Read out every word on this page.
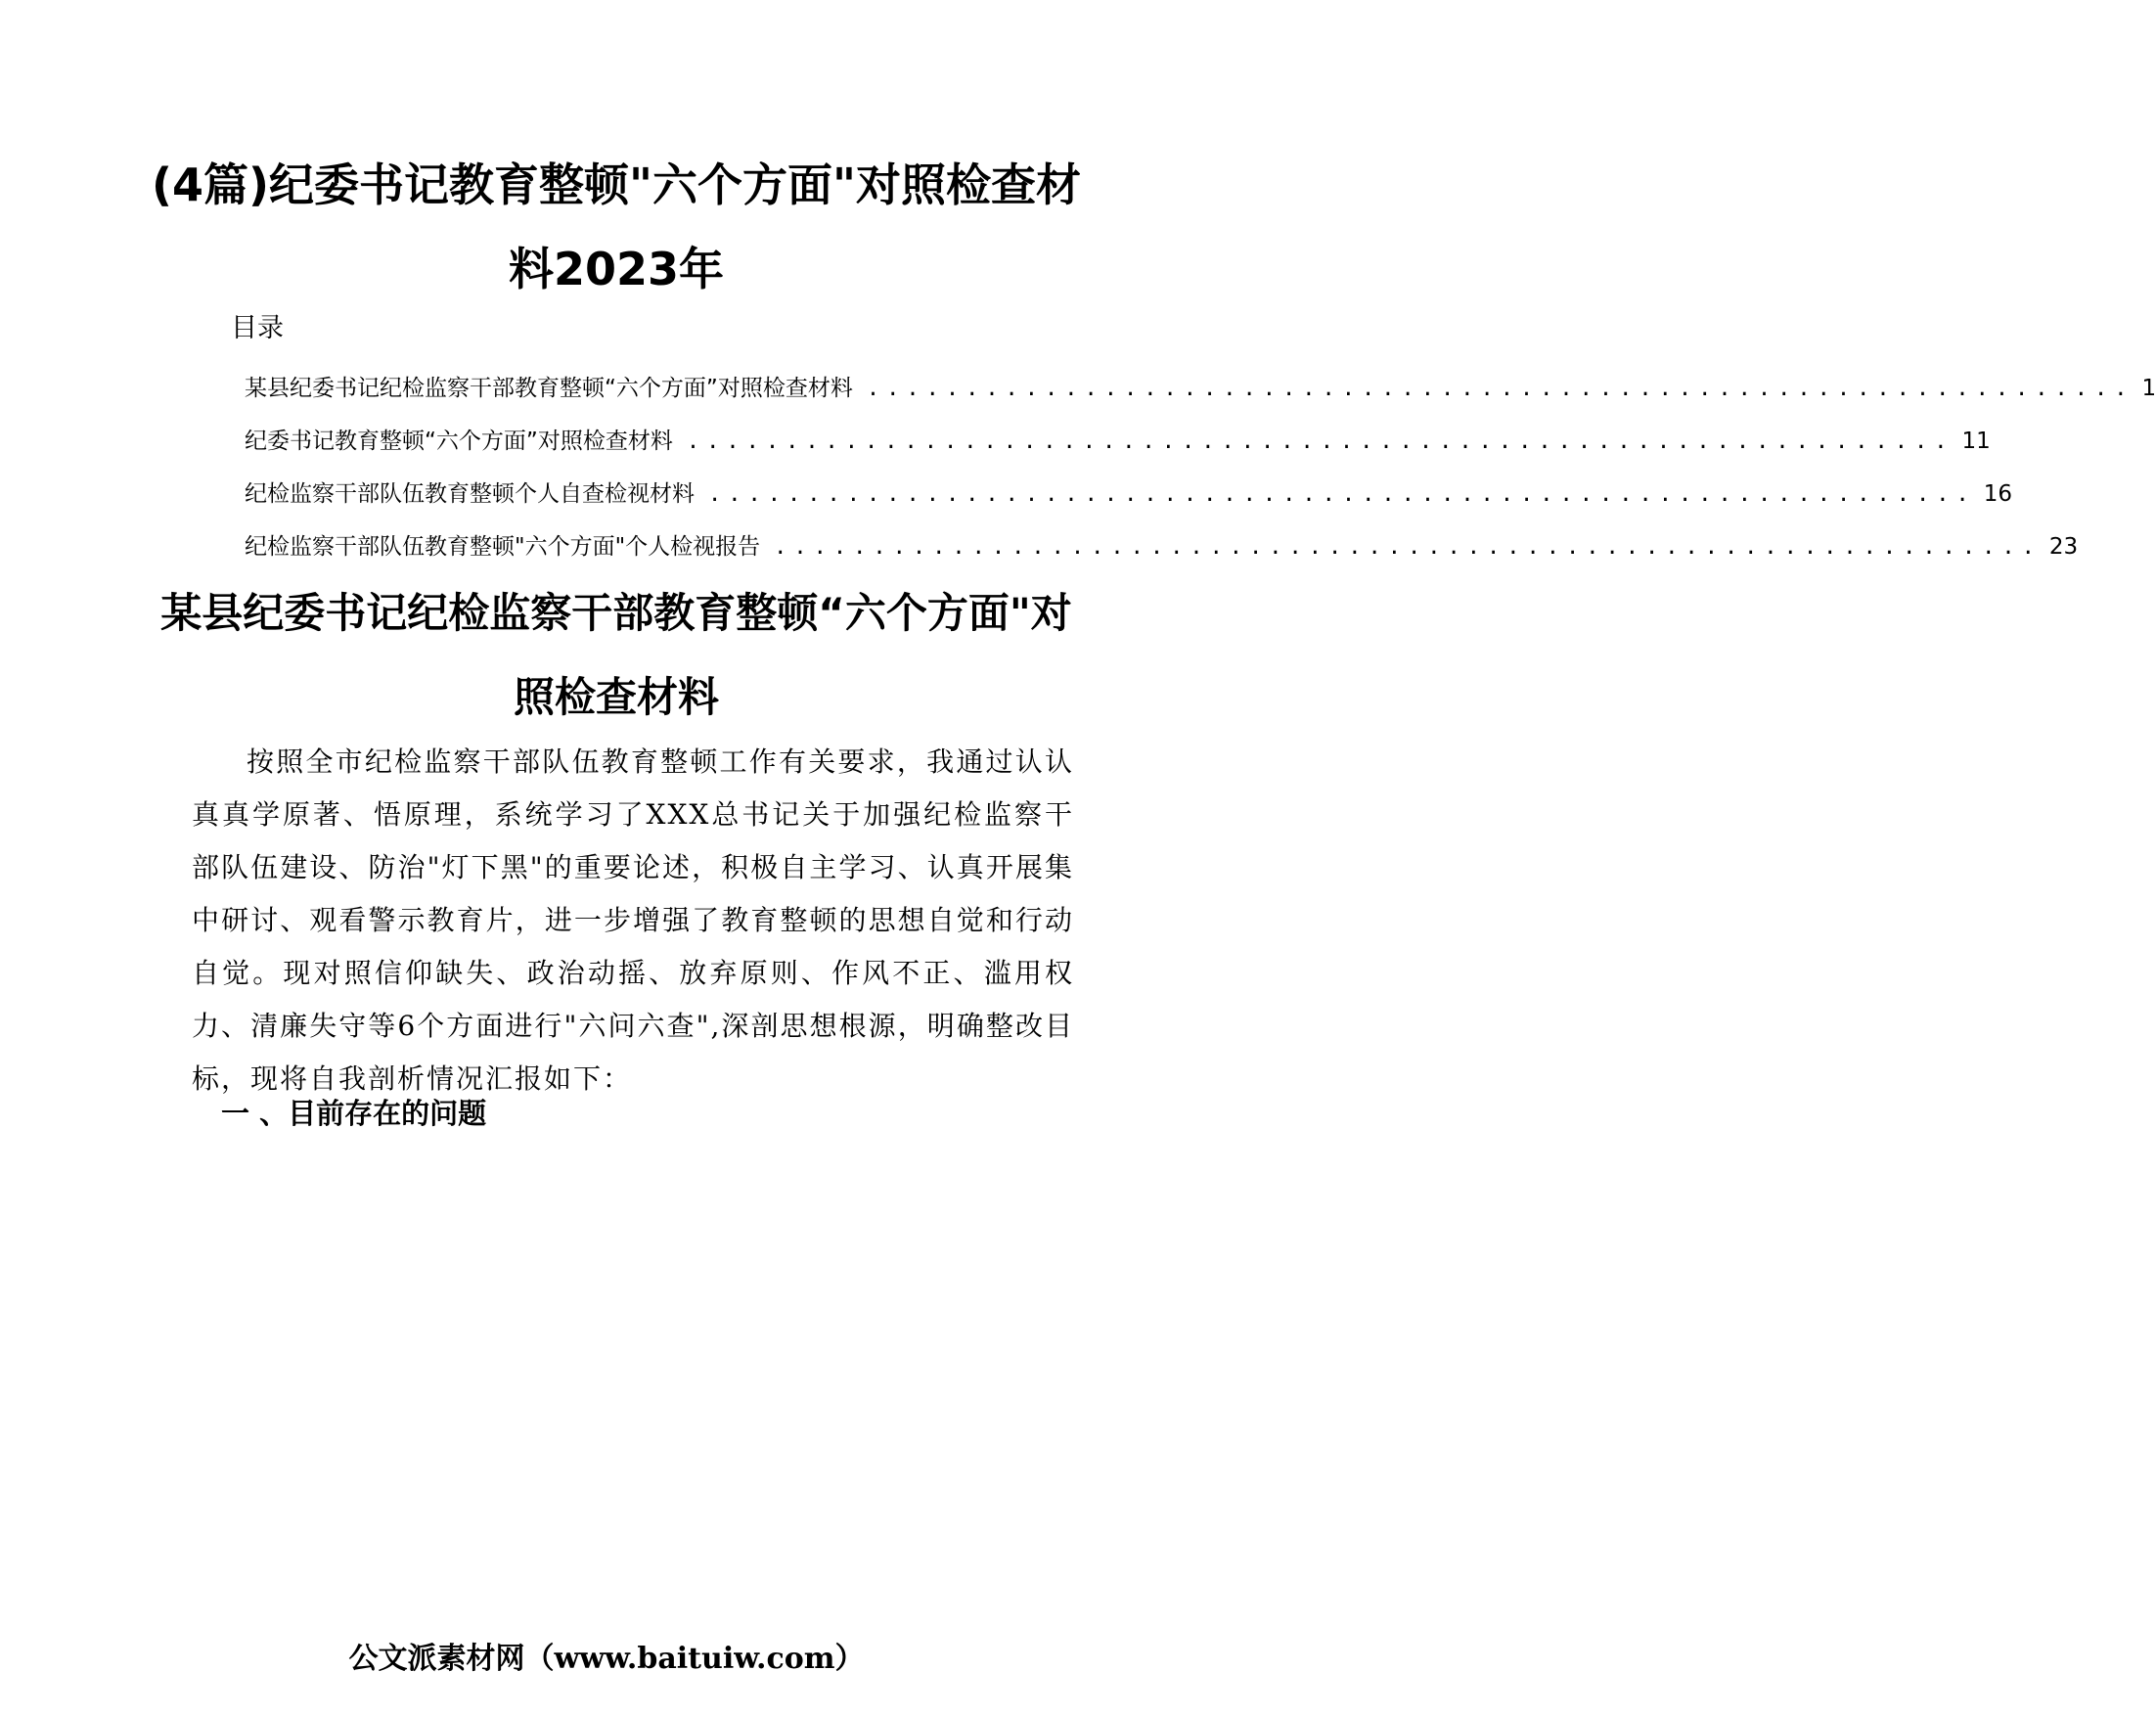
(4篇)纪委书记教育整顿"六个方面"对照检查材料2023年
目录
某县纪委书记纪检监察干部教育整顿“六个方面”对照检查材料 ................................................................ 1
纪委书记教育整顿“六个方面”对照检查材料 ................................................................ 11
纪检监察干部队伍教育整顿个人自查检视材料 ................................................................ 16
纪检监察干部队伍教育整顿"六个方面"个人检视报告 ................................................................ 23
某县纪委书记纪检监察干部教育整顿“六个方面"对照检查材料

按照全市纪检监察干部队伍教育整顿工作有关要求，我通过认认真真学原著、悟原理，系统学习了XXX总书记关于加强纪检监察干部队伍建设、防治"灯下黑"的重要论述，积极自主学习、认真开展集中研讨、观看警示教育片，进一步增强了教育整顿的思想自觉和行动自觉。现对照信仰缺失、政治动摇、放弃原则、作风不正、滥用权力、清廉失守等6个方面进行"六问六查",深剖思想根源，明确整改目标，现将自我剖析情况汇报如下：

一 、目前存在的问题
公文派素材网（www.baituiw.com）
